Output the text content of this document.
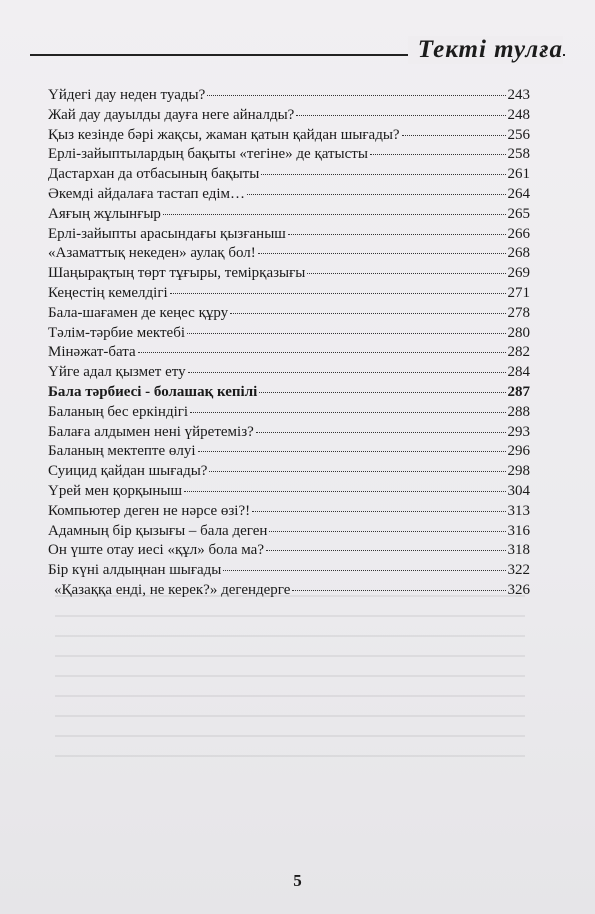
Тектi тулға
Үйдегі дау неден туады?	243
Жай дау дауылды дауға неге айналды?	248
Қыз кезінде бәрі жақсы, жаман қатын қайдан шығады?	256
Ерлі-зайыптылардың бақыты «тегіне» де қатысты	258
Дастархан да отбасының бақыты	261
Әкемді айдалаға тастап едім…	264
Аяғың жұлынғыр	265
Ерлі-зайыпты арасындағы қызғаныш	266
«Азаматтық некеден» аулақ бол!	268
Шаңырақтың төрт тұғыры, темірқазығы	269
Кеңестің кемелдігі	271
Бала-шағамен де кеңес құру	278
Тәлім-тәрбие мектебі	280
Мінәжат-бата	282
Үйге адал қызмет ету	284
Бала тәрбиесі - болашақ кепілі	287
Баланың бес еркіндігі	288
Балаға алдымен нені үйретеміз?	293
Баланың мектепте өлуі	296
Суицид қайдан шығады?	298
Үрей мен қорқыныш	304
Компьютер деген не нәрсе өзі?!	313
Адамның бір қызығы – бала деген	316
Он үште отау иесі «құл» бола ма?	318
Бір күні алдыңнан шығады	322
«Қазаққа енді, не керек?» дегендерге	326
5
